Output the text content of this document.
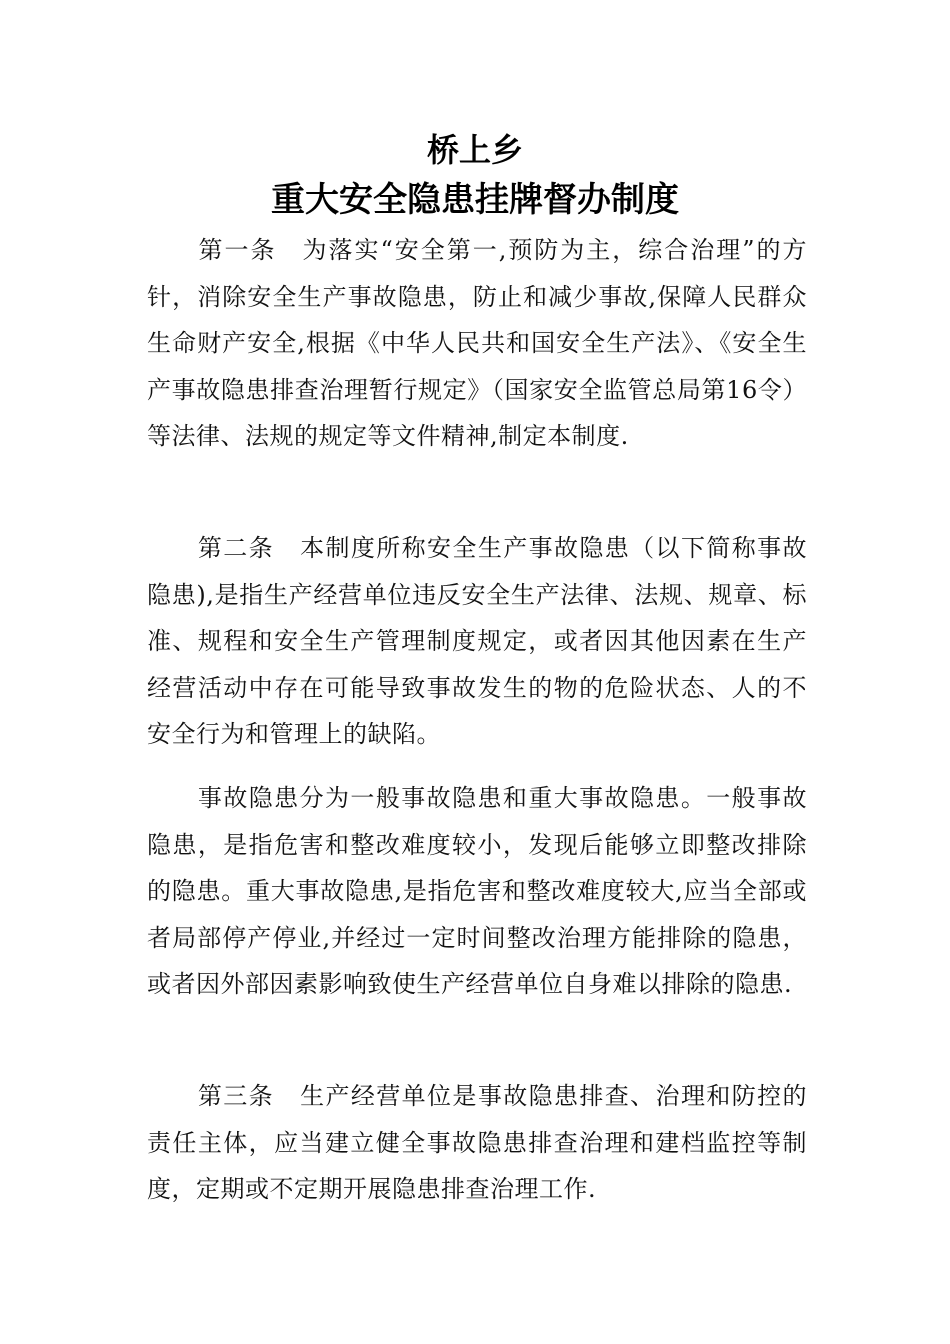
桥上乡
重大安全隐患挂牌督办制度

第一条 为落实“安全第一,预防为主，综合治理”的方针，消除安全生产事故隐患，防止和减少事故,保障人民群众生命财产安全,根据《中华人民共和国安全生产法》、《安全生产事故隐患排查治理暂行规定》（国家安全监管总局第16令）等法律、法规的规定等文件精神,制定本制度.

第二条 本制度所称安全生产事故隐患（以下简称事故隐患),是指生产经营单位违反安全生产法律、法规、规章、标准、规程和安全生产管理制度规定，或者因其他因素在生产经营活动中存在可能导致事故发生的物的危险状态、人的不安全行为和管理上的缺陷。

事故隐患分为一般事故隐患和重大事故隐患。一般事故隐患，是指危害和整改难度较小，发现后能够立即整改排除的隐患。重大事故隐患,是指危害和整改难度较大,应当全部或者局部停产停业,并经过一定时间整改治理方能排除的隐患，或者因外部因素影响致使生产经营单位自身难以排除的隐患.

第三条 生产经营单位是事故隐患排查、治理和防控的责任主体，应当建立健全事故隐患排查治理和建档监控等制度，定期或不定期开展隐患排查治理工作.
